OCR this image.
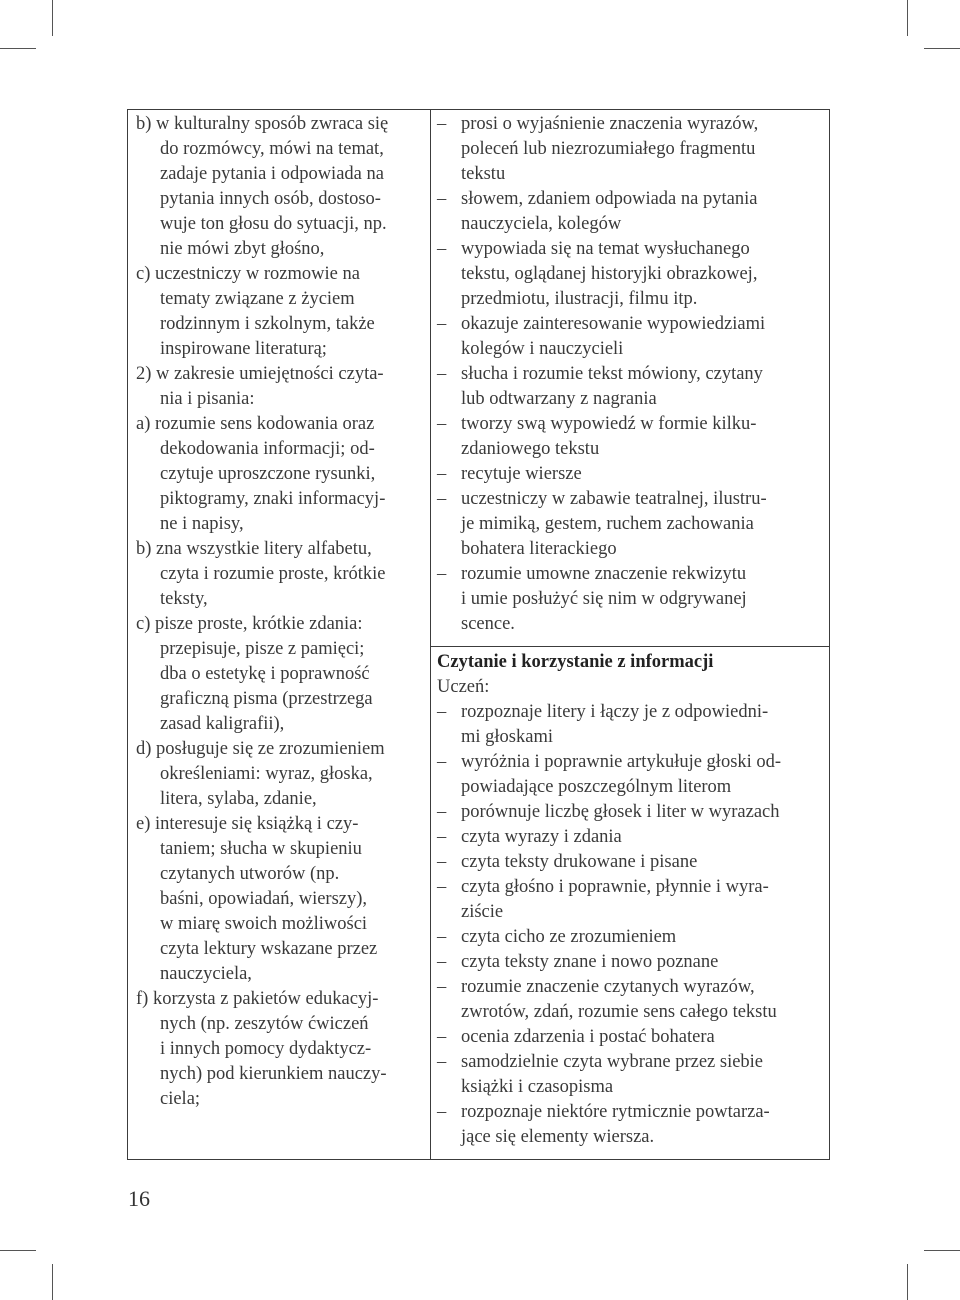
b) w kulturalny sposób zwraca się
do rozmówcy, mówi na temat,
zadaje pytania i odpowiada na
pytania innych osób, dostoso-
wuje ton głosu do sytuacji, np.
nie mówi zbyt głośno,
c) uczestniczy w rozmowie na
tematy związane z życiem
rodzinnym i szkolnym, także
inspirowane literaturą;
2) w zakresie umiejętności czyta-
nia i pisania:
a) rozumie sens kodowania oraz
dekodowania informacji; od-
czytuje uproszczone rysunki,
piktogramy, znaki informacyj-
ne i napisy,
b) zna wszystkie litery alfabetu,
czyta i rozumie proste, krótkie
teksty,
c) pisze proste, krótkie zdania:
przepisuje, pisze z pamięci;
dba o estetykę i poprawność
graficzną pisma (przestrzega
zasad kaligrafii),
d) posługuje się ze zrozumieniem
określeniami: wyraz, głoska,
litera, sylaba, zdanie,
e) interesuje się książką i czy-
taniem; słucha w skupieniu
czytanych utworów (np.
baśni, opowiadań, wierszy),
w miarę swoich możliwości
czyta lektury wskazane przez
nauczyciela,
f) korzysta z pakietów edukacyj-
nych (np. zeszytów ćwiczeń
i innych pomocy dydaktycz-
nych) pod kierunkiem nauczy-
ciela;
–
prosi o wyjaśnienie znaczenia wyrazów,
poleceń lub niezrozumiałego fragmentu
tekstu
–
słowem, zdaniem odpowiada na pytania
nauczyciela, kolegów
–
wypowiada się na temat wysłuchanego
tekstu, oglądanej historyjki obrazkowej,
przedmiotu, ilustracji, filmu itp.
–
okazuje zainteresowanie wypowiedziami
kolegów i nauczycieli
–
słucha i rozumie tekst mówiony, czytany
lub odtwarzany z nagrania
–
tworzy swą wypowiedź w formie kilku-
zdaniowego tekstu
–
recytuje wiersze
–
uczestniczy w zabawie teatralnej, ilustru-
je mimiką, gestem, ruchem zachowania
bohatera literackiego
–
rozumie umowne znaczenie rekwizytu
i umie posłużyć się nim w odgrywanej
scence.
Czytanie i korzystanie z informacji
Uczeń:
–
rozpoznaje litery i łączy je z odpowiedni-
mi głoskami
–
wyróżnia i poprawnie artykułuje głoski od-
powiadające poszczególnym literom
–
porównuje liczbę głosek i liter w wyrazach
–
czyta wyrazy i zdania
–
czyta teksty drukowane i pisane
–
czyta głośno i poprawnie, płynnie i wyra-
ziście
–
czyta cicho ze zrozumieniem
–
czyta teksty znane i nowo poznane
–
rozumie znaczenie czytanych wyrazów,
zwrotów, zdań, rozumie sens całego tekstu
–
ocenia zdarzenia i postać bohatera
–
samodzielnie czyta wybrane przez siebie
książki i czasopisma
–
rozpoznaje niektóre rytmicznie powtarza-
jące się elementy wiersza.
16
